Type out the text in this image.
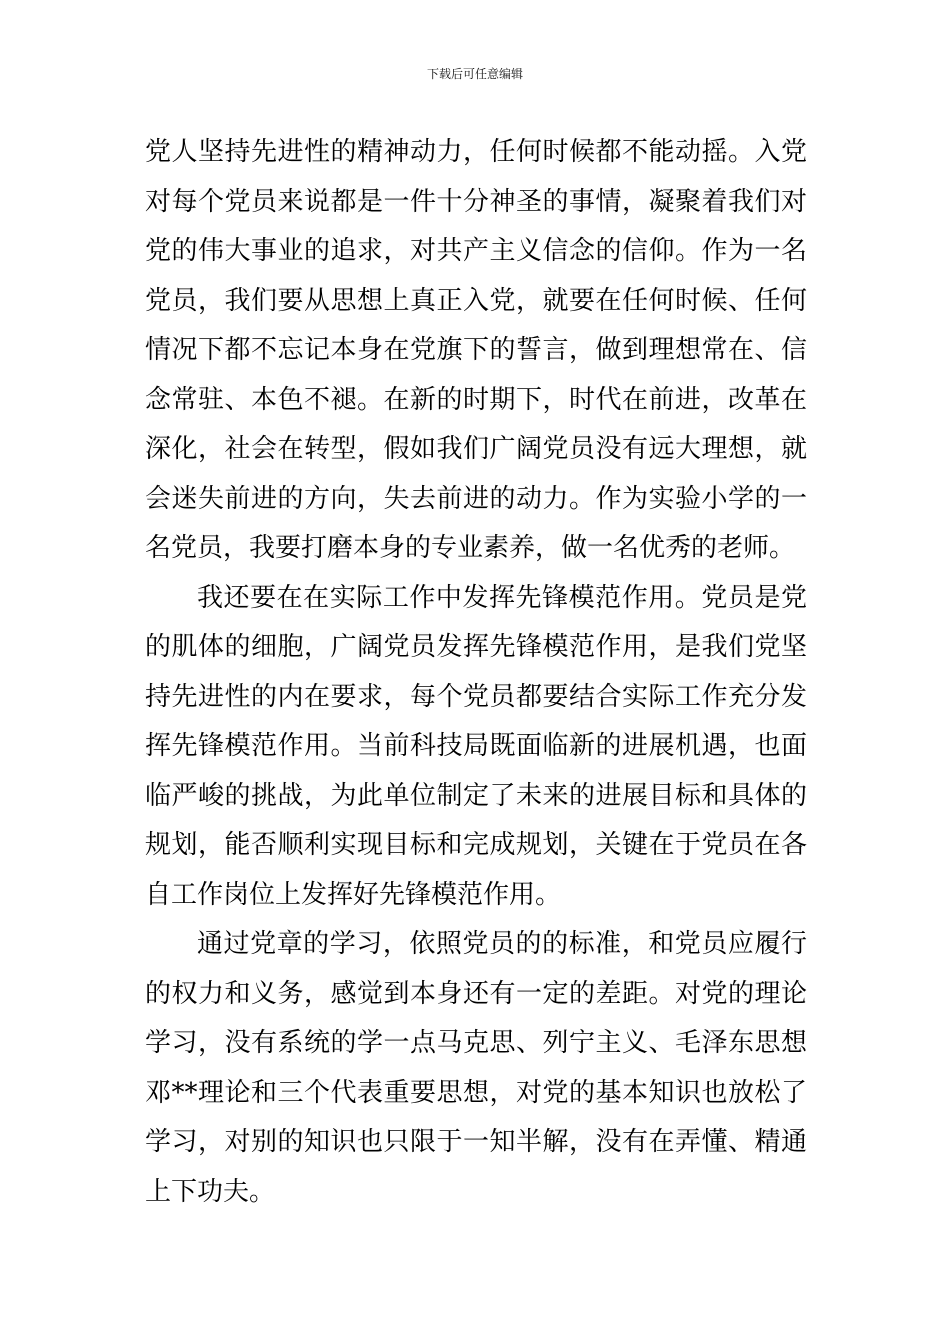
下载后可任意编辑
党人坚持先进性的精神动力，任何时候都不能动摇。入党
对每个党员来说都是一件十分神圣的事情，凝聚着我们对
党的伟大事业的追求，对共产主义信念的信仰。作为一名
党员，我们要从思想上真正入党，就要在任何时候、任何
情况下都不忘记本身在党旗下的誓言，做到理想常在、信
念常驻、本色不褪。在新的时期下，时代在前进，改革在
深化，社会在转型，假如我们广阔党员没有远大理想，就
会迷失前进的方向，失去前进的动力。作为实验小学的一
名党员，我要打磨本身的专业素养，做一名优秀的老师。
我还要在在实际工作中发挥先锋模范作用。党员是党
的肌体的细胞，广阔党员发挥先锋模范作用，是我们党坚
持先进性的内在要求，每个党员都要结合实际工作充分发
挥先锋模范作用。当前科技局既面临新的进展机遇，也面
临严峻的挑战，为此单位制定了未来的进展目标和具体的
规划，能否顺利实现目标和完成规划，关键在于党员在各
自工作岗位上发挥好先锋模范作用。
通过党章的学习，依照党员的的标准，和党员应履行
的权力和义务，感觉到本身还有一定的差距。对党的理论
学习，没有系统的学一点马克思、列宁主义、毛泽东思想
邓**理论和三个代表重要思想，对党的基本知识也放松了
学习，对别的知识也只限于一知半解，没有在弄懂、精通
上下功夫。
